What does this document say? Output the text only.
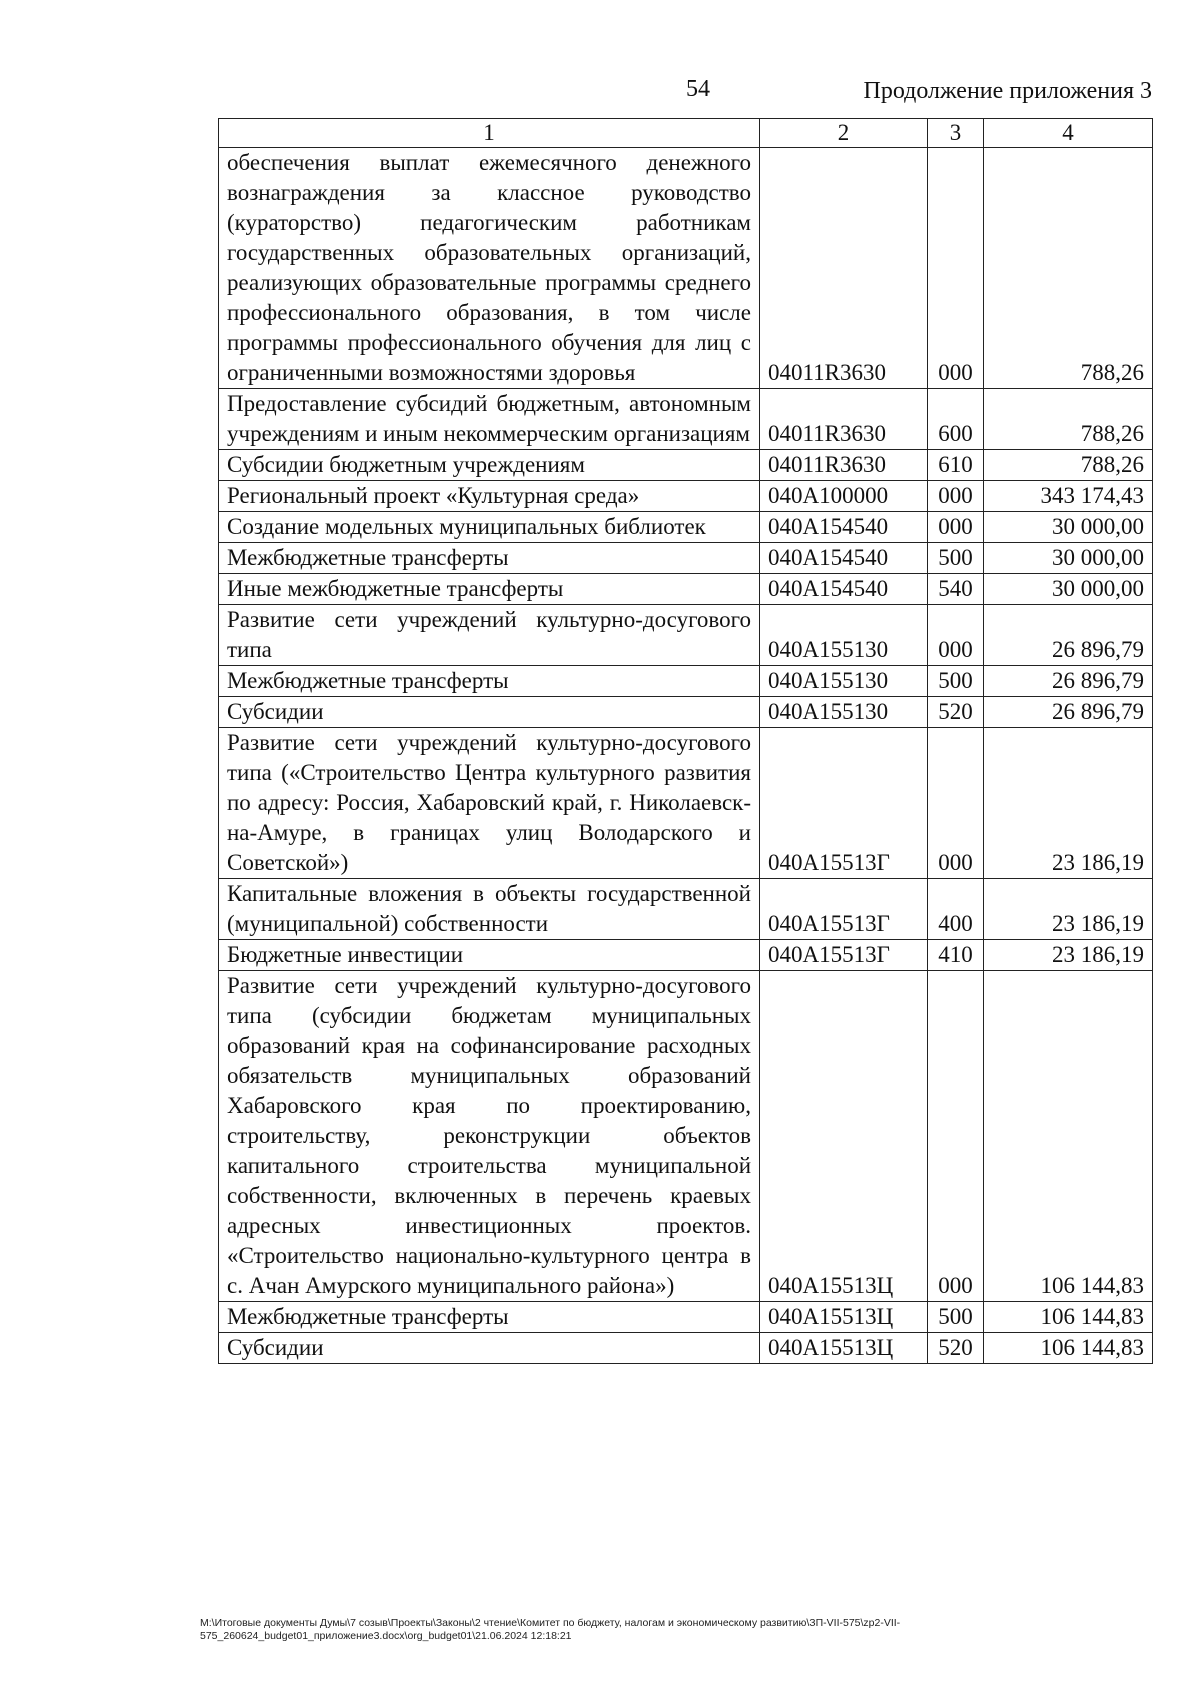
54	Продолжение приложения 3
1	2	3	4
обеспечения выплат ежемесячного денежного вознаграждения за классное руководство (кураторство) педагогическим работникам государственных образовательных организаций, реализующих образовательные программы среднего профессионального образования, в том числе программы профессионального обучения для лиц с ограниченными возможностями здоровья	04011R3630	000	788,26
Предоставление субсидий бюджетным, автономным учреждениям и иным некоммерческим организациям	04011R3630	600	788,26
Субсидии бюджетным учреждениям	04011R3630	610	788,26
Региональный проект «Культурная среда»	040A100000	000	343 174,43
Создание модельных муниципальных библиотек	040A154540	000	30 000,00
Межбюджетные трансферты	040A154540	500	30 000,00
Иные межбюджетные трансферты	040A154540	540	30 000,00
Развитие сети учреждений культурно-досугового типа	040A155130	000	26 896,79
Межбюджетные трансферты	040A155130	500	26 896,79
Субсидии	040A155130	520	26 896,79
Развитие сети учреждений культурно-досугового типа («Строительство Центра культурного развития по адресу: Россия, Хабаровский край, г. Николаевск-на-Амуре, в границах улиц Володарского и Советской»)	040A15513Г	000	23 186,19
Капитальные вложения в объекты государственной (муниципальной) собственности	040A15513Г	400	23 186,19
Бюджетные инвестиции	040A15513Г	410	23 186,19
Развитие сети учреждений культурно-досугового типа (субсидии бюджетам муниципальных образований края на софинансирование расходных обязательств муниципальных образований Хабаровского края по проектированию, строительству, реконструкции объектов капитального строительства муниципальной собственности, включенных в перечень краевых адресных инвестиционных проектов. «Строительство национально-культурного центра в с. Ачан Амурского муниципального района»)	040A15513Ц	000	106 144,83
Межбюджетные трансферты	040A15513Ц	500	106 144,83
Субсидии	040A15513Ц	520	106 144,83
М:\Итоговые документы Думы\7 созыв\Проекты\Законы\2 чтение\Комитет по бюджету, налогам и экономическому развитию\ЗП-VII-575\zp2-VII-575_260624_budget01_приложение3.docx\org_budget01\21.06.2024 12:18:21
